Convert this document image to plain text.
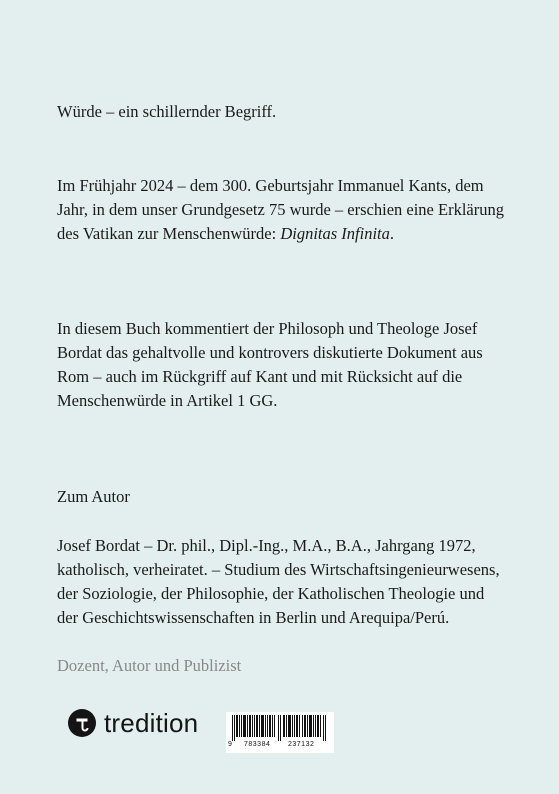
Würde – ein schillernder Begriff.

Im Frühjahr 2024 – dem 300. Geburtsjahr Immanuel Kants, dem Jahr, in dem unser Grundgesetz 75 wurde – erschien eine Erklärung des Vatikan zur Menschenwürde: Dignitas Infinita.

In diesem Buch kommentiert der Philosoph und Theologe Josef Bordat das gehaltvolle und kontrovers diskutierte Dokument aus Rom – auch im Rückgriff auf Kant und mit Rücksicht auf die Menschenwürde in Artikel 1 GG.

Zum Autor

Josef Bordat – Dr. phil., Dipl.-Ing., M.A., B.A., Jahrgang 1972, katholisch, verheiratet. – Studium des Wirtschaftsingenieurwesens, der Soziologie, der Philosophie, der Katholischen Theologie und der Geschichtswissenschaften in Berlin und Arequipa/Perú.

Dozent, Autor und Publizist

tredition
9 783384	237132
